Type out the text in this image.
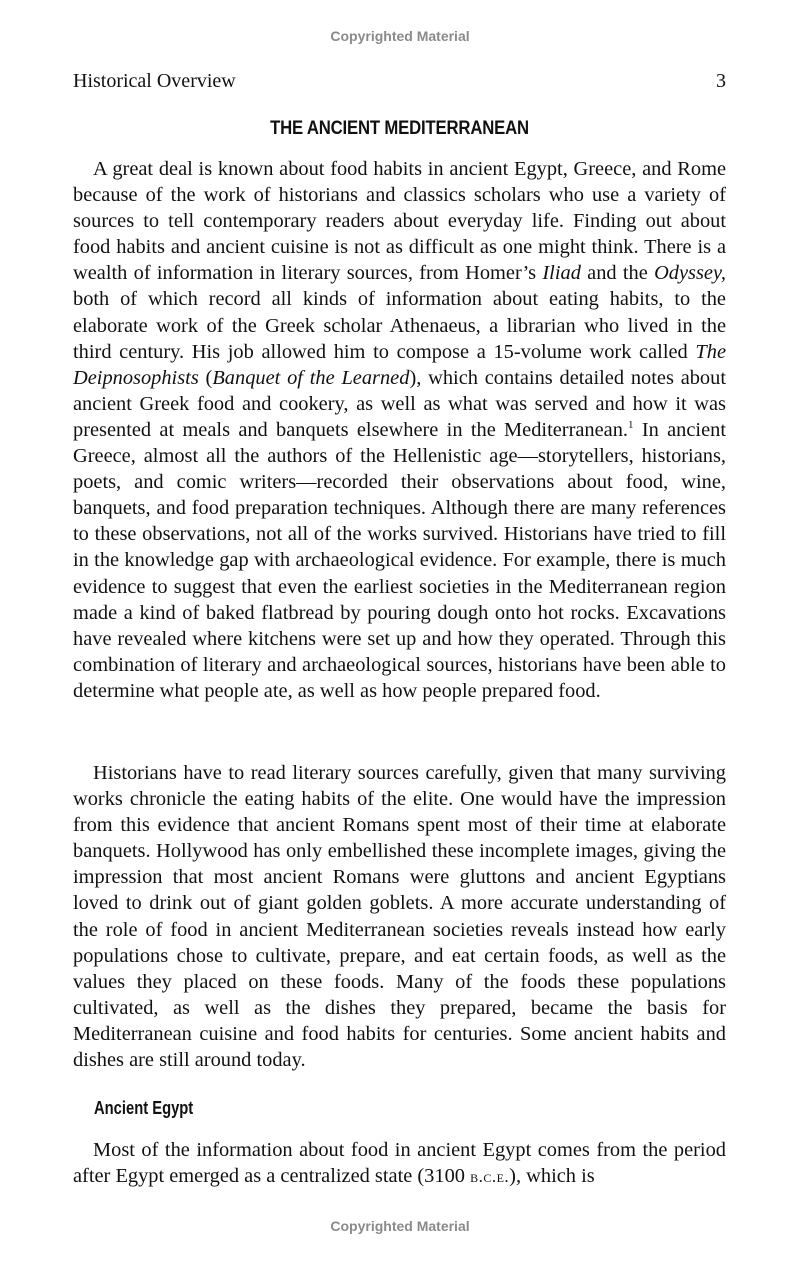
Copyrighted Material
Historical Overview	3
THE ANCIENT MEDITERRANEAN

A great deal is known about food habits in ancient Egypt, Greece, and Rome because of the work of historians and classics scholars who use a variety of sources to tell contemporary readers about everyday life. Finding out about food habits and ancient cuisine is not as difficult as one might think. There is a wealth of information in literary sources, from Homer’s Iliad and the Odyssey, both of which record all kinds of information about eating habits, to the elaborate work of the Greek scholar Athenaeus, a librarian who lived in the third century. His job allowed him to compose a 15-volume work called The Deipnosophists (Banquet of the Learned), which contains detailed notes about ancient Greek food and cookery, as well as what was served and how it was presented at meals and banquets elsewhere in the Mediterranean.$^1$ In ancient Greece, almost all the authors of the Hellenistic age—storytellers, historians, poets, and comic writers—recorded their observations about food, wine, banquets, and food preparation techniques. Although there are many references to these observations, not all of the works survived. Historians have tried to fill in the knowledge gap with archaeological evidence. For example, there is much evidence to suggest that even the earliest societies in the Mediterranean region made a kind of baked flatbread by pouring dough onto hot rocks. Excavations have revealed where kitchens were set up and how they operated. Through this combination of literary and archaeological sources, historians have been able to determine what people ate, as well as how people prepared food.

Historians have to read literary sources carefully, given that many surviving works chronicle the eating habits of the elite. One would have the impression from this evidence that ancient Romans spent most of their time at elaborate banquets. Hollywood has only embellished these incomplete images, giving the impression that most ancient Romans were gluttons and ancient Egyptians loved to drink out of giant golden goblets. A more accurate understanding of the role of food in ancient Mediterranean societies reveals instead how early populations chose to cultivate, prepare, and eat certain foods, as well as the values they placed on these foods. Many of the foods these populations cultivated, as well as the dishes they prepared, became the basis for Mediterranean cuisine and food habits for centuries. Some ancient habits and dishes are still around today.

Ancient Egypt

Most of the information about food in ancient Egypt comes from the period after Egypt emerged as a centralized state (3100 b.c.e.), which is

Copyrighted Material
